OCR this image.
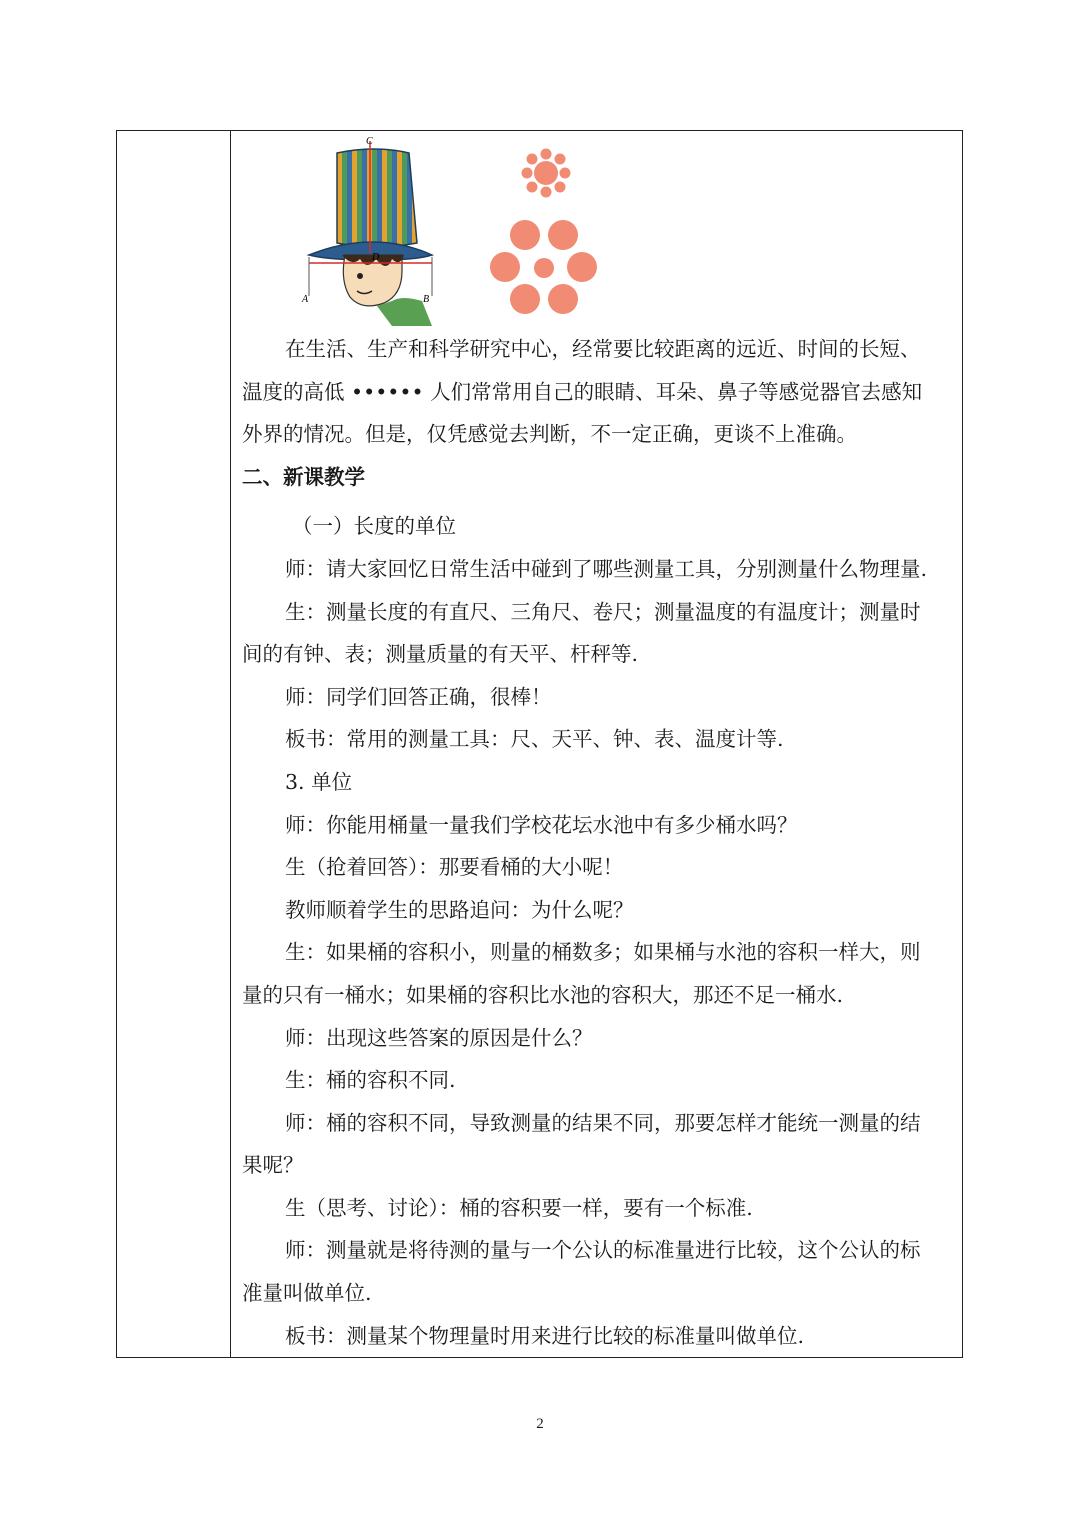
C
D
A	B
在生活、生产和科学研究中心，经常要比较距离的远近、时间的长短、
温度的高低 •••••• 人们常常用自己的眼睛、耳朵、鼻子等感觉器官去感知
外界的情况。但是，仅凭感觉去判断，不一定正确，更谈不上准确。
二、新课教学
（一）长度的单位
师：请大家回忆日常生活中碰到了哪些测量工具，分别测量什么物理量.
生：测量长度的有直尺、三角尺、卷尺；测量温度的有温度计；测量时
间的有钟、表；测量质量的有天平、杆秤等.
师：同学们回答正确，很棒！
板书：常用的测量工具：尺、天平、钟、表、温度计等.
3. 单位
师：你能用桶量一量我们学校花坛水池中有多少桶水吗？
生（抢着回答）：那要看桶的大小呢！
教师顺着学生的思路追问：为什么呢？
生：如果桶的容积小，则量的桶数多；如果桶与水池的容积一样大，则
量的只有一桶水；如果桶的容积比水池的容积大，那还不足一桶水.
师：出现这些答案的原因是什么？
生：桶的容积不同.
师：桶的容积不同，导致测量的结果不同，那要怎样才能统一测量的结
果呢？
生（思考、讨论）：桶的容积要一样，要有一个标准.
师：测量就是将待测的量与一个公认的标准量进行比较，这个公认的标
准量叫做单位.
板书：测量某个物理量时用来进行比较的标准量叫做单位.
2
